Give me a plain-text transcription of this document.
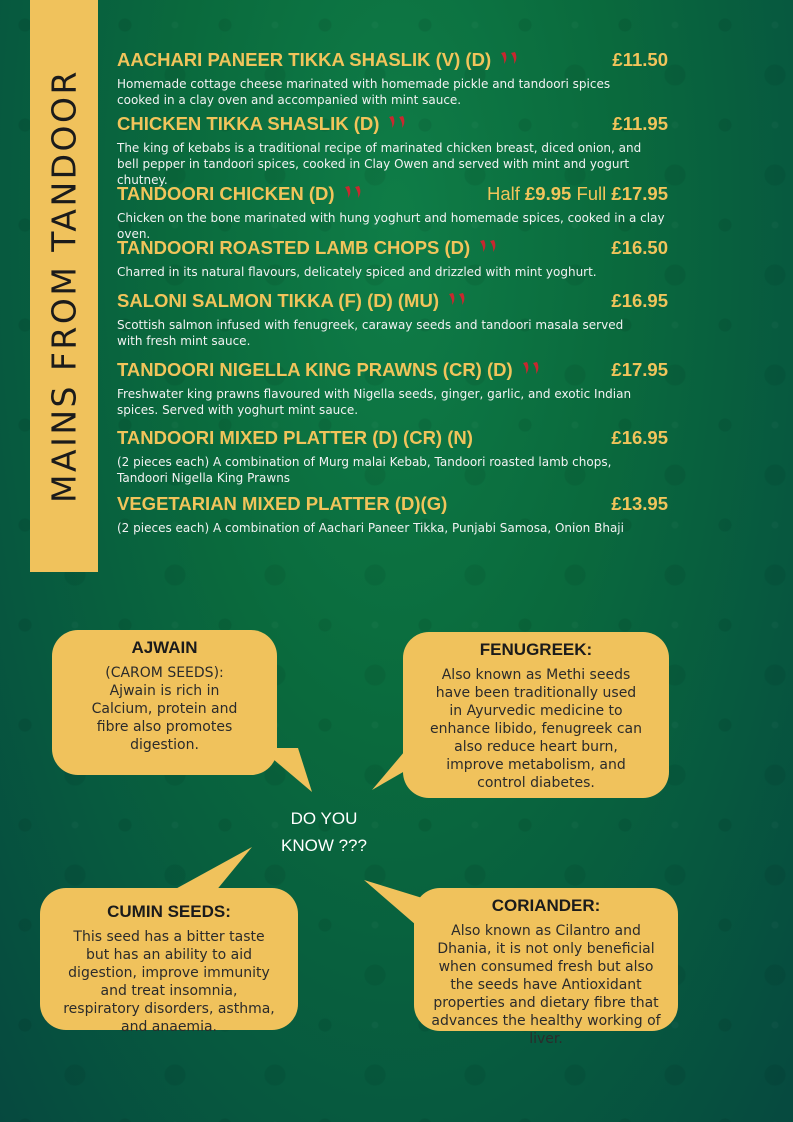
MAINS FROM TANDOOR
AACHARI PANEER TIKKA SHASLIK (V) (D)	£11.50
Homemade cottage cheese marinated with homemade pickle and tandoori spices cooked in a clay oven and accompanied with mint sauce.
CHICKEN TIKKA SHASLIK (D)	£11.95
The king of kebabs is a traditional recipe of marinated chicken breast, diced onion, and bell pepper in tandoori spices, cooked in Clay Owen and served with mint and yogurt chutney.
TANDOORI CHICKEN (D)	Half £9.95 Full £17.95
Chicken on the bone marinated with hung yoghurt and homemade spices, cooked in a clay oven.
TANDOORI ROASTED LAMB CHOPS (D)	£16.50
Charred in its natural flavours, delicately spiced and drizzled with mint yoghurt.
SALONI SALMON TIKKA (F) (D) (MU)	£16.95
Scottish salmon infused with fenugreek, caraway seeds and tandoori masala served with fresh mint sauce.
TANDOORI NIGELLA KING PRAWNS (CR) (D)	£17.95
Freshwater king prawns flavoured with Nigella seeds, ginger, garlic, and exotic Indian spices. Served with yoghurt mint sauce.
TANDOORI MIXED PLATTER (D) (CR) (N)	£16.95
(2 pieces each) A combination of Murg malai Kebab, Tandoori roasted lamb chops, Tandoori Nigella King Prawns
VEGETARIAN MIXED PLATTER (D)(G)	£13.95
(2 pieces each) A combination of Aachari Paneer Tikka, Punjabi Samosa, Onion Bhaji
AJWAIN
(CAROM SEEDS): Ajwain is rich in Calcium, protein and fibre also promotes digestion.
FENUGREEK:
Also known as Methi seeds have been traditionally used in Ayurvedic medicine to enhance libido, fenugreek can also reduce heart burn, improve metabolism, and control diabetes.
DO YOU
KNOW ???
CUMIN SEEDS:
This seed has a bitter taste but has an ability to aid digestion, improve immunity and treat insomnia, respiratory disorders, asthma, and anaemia.
CORIANDER:
Also known as Cilantro and Dhania, it is not only beneficial when consumed fresh but also the seeds have Antioxidant properties and dietary fibre that advances the healthy working of liver.
